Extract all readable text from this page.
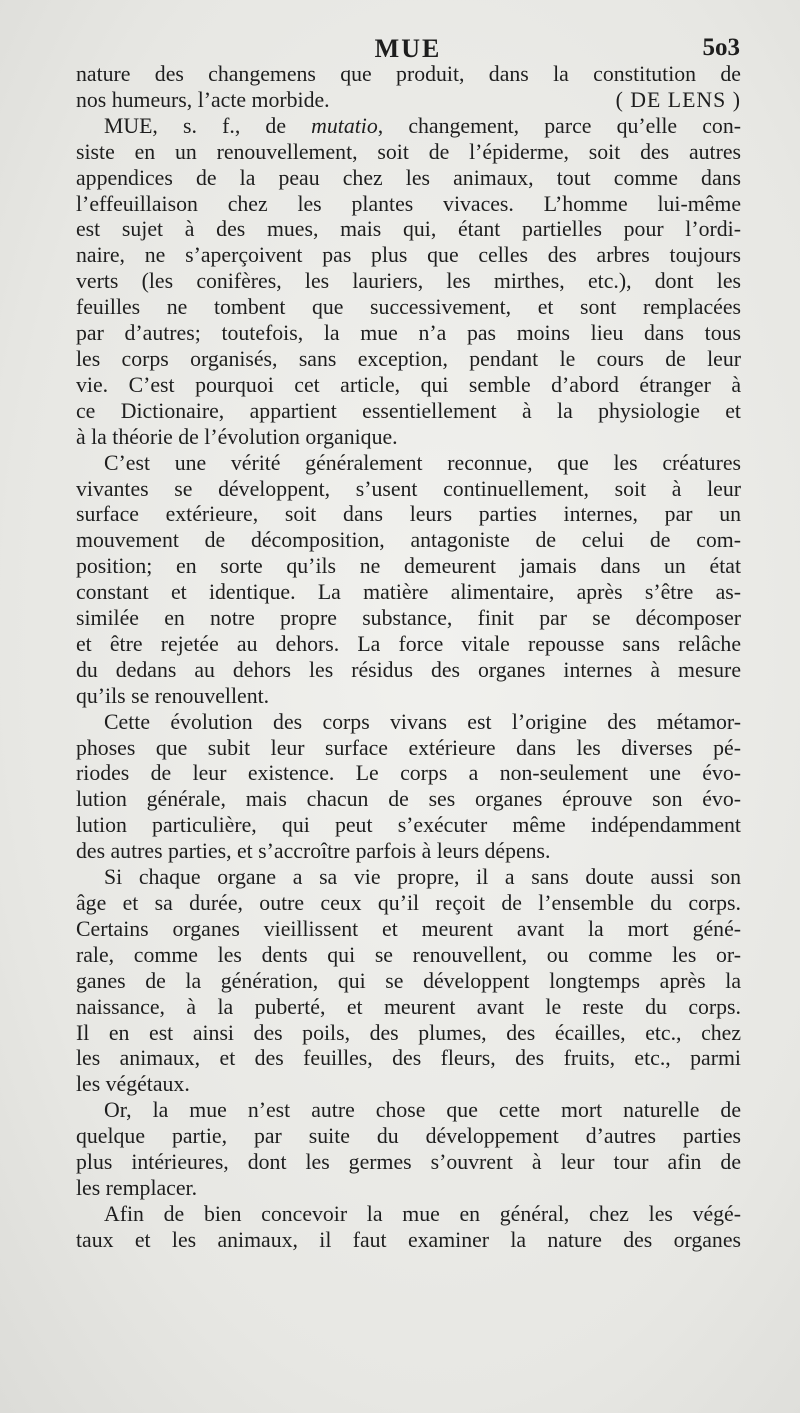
MUE	5o3
nature des changemens que produit, dans la constitution de
nos humeurs, l’acte morbide.	( DE LENS )
MUE, s. f., de mutatio, changement, parce qu’elle con-
siste en un renouvellement, soit de l’épiderme, soit des autres
appendices de la peau chez les animaux, tout comme dans
l’effeuillaison chez les plantes vivaces. L’homme lui-même
est sujet à des mues, mais qui, étant partielles pour l’ordi-
naire, ne s’aperçoivent pas plus que celles des arbres toujours
verts (les conifères, les lauriers, les mirthes, etc.), dont les
feuilles ne tombent que successivement, et sont remplacées
par d’autres; toutefois, la mue n’a pas moins lieu dans tous
les corps organisés, sans exception, pendant le cours de leur
vie. C’est pourquoi cet article, qui semble d’abord étranger à
ce Dictionaire, appartient essentiellement à la physiologie et
à la théorie de l’évolution organique.
C’est une vérité généralement reconnue, que les créatures
vivantes se développent, s’usent continuellement, soit à leur
surface extérieure, soit dans leurs parties internes, par un
mouvement de décomposition, antagoniste de celui de com-
position; en sorte qu’ils ne demeurent jamais dans un état
constant et identique. La matière alimentaire, après s’être as-
similée en notre propre substance, finit par se décomposer
et être rejetée au dehors. La force vitale repousse sans relâche
du dedans au dehors les résidus des organes internes à mesure
qu’ils se renouvellent.
Cette évolution des corps vivans est l’origine des métamor-
phoses que subit leur surface extérieure dans les diverses pé-
riodes de leur existence. Le corps a non-seulement une évo-
lution générale, mais chacun de ses organes éprouve son évo-
lution particulière, qui peut s’exécuter même indépendamment
des autres parties, et s’accroître parfois à leurs dépens.
Si chaque organe a sa vie propre, il a sans doute aussi son
âge et sa durée, outre ceux qu’il reçoit de l’ensemble du corps.
Certains organes vieillissent et meurent avant la mort géné-
rale, comme les dents qui se renouvellent, ou comme les or-
ganes de la génération, qui se développent longtemps après la
naissance, à la puberté, et meurent avant le reste du corps.
Il en est ainsi des poils, des plumes, des écailles, etc., chez
les animaux, et des feuilles, des fleurs, des fruits, etc., parmi
les végétaux.
Or, la mue n’est autre chose que cette mort naturelle de
quelque partie, par suite du développement d’autres parties
plus intérieures, dont les germes s’ouvrent à leur tour afin de
les remplacer.
Afin de bien concevoir la mue en général, chez les végé-
taux et les animaux, il faut examiner la nature des organes
